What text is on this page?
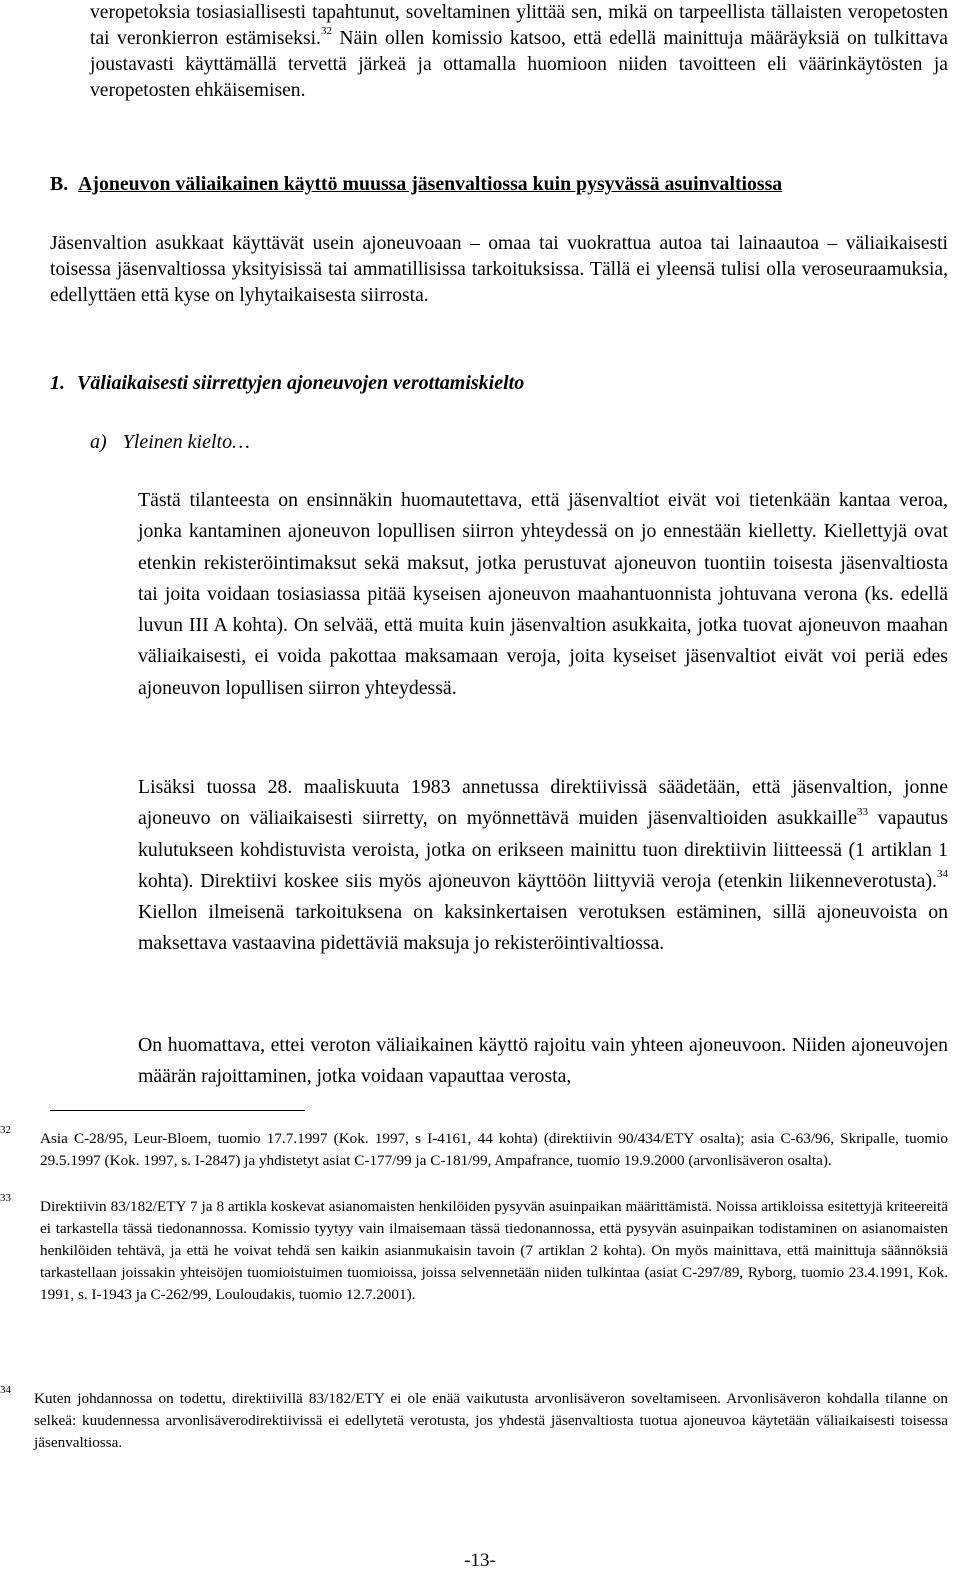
veropetoksia tosiasiallisesti tapahtunut, soveltaminen ylittää sen, mikä on tarpeellista tällaisten veropetosten tai veronkierron estämiseksi.$^{32}$ Näin ollen komissio katsoo, että edellä mainittuja määräyksiä on tulkittava joustavasti käyttämällä tervettä järkeä ja ottamalla huomioon niiden tavoitteen eli väärinkäytösten ja veropetosten ehkäisemisen.

B. Ajoneuvon väliaikainen käyttö muussa jäsenvaltiossa kuin pysyvässä asuinvaltiossa

Jäsenvaltion asukkaat käyttävät usein ajoneuvoaan – omaa tai vuokrattua autoa tai lainaautoa – väliaikaisesti toisessa jäsenvaltiossa yksityisissä tai ammatillisissa tarkoituksissa. Tällä ei yleensä tulisi olla veroseuraamuksia, edellyttäen että kyse on lyhytaikaisesta siirrosta.

1. Väliaikaisesti siirrettyjen ajoneuvojen verottamiskielto
a) Yleinen kielto…

Tästä tilanteesta on ensinnäkin huomautettava, että jäsenvaltiot eivät voi tietenkään kantaa veroa, jonka kantaminen ajoneuvon lopullisen siirron yhteydessä on jo ennestään kielletty. Kiellettyjä ovat etenkin rekisteröintimaksut sekä maksut, jotka perustuvat ajoneuvon tuontiin toisesta jäsenvaltiosta tai joita voidaan tosiasiassa pitää kyseisen ajoneuvon maahantuonnista johtuvana verona (ks. edellä luvun III A kohta). On selvää, että muita kuin jäsenvaltion asukkaita, jotka tuovat ajoneuvon maahan väliaikaisesti, ei voida pakottaa maksamaan veroja, joita kyseiset jäsenvaltiot eivät voi periä edes ajoneuvon lopullisen siirron yhteydessä.

Lisäksi tuossa 28. maaliskuuta 1983 annetussa direktiivissä säädetään, että jäsenvaltion, jonne ajoneuvo on väliaikaisesti siirretty, on myönnettävä muiden jäsenvaltioiden asukkaille$^{33}$ vapautus kulutukseen kohdistuvista veroista, jotka on erikseen mainittu tuon direktiivin liitteessä (1 artiklan 1 kohta). Direktiivi koskee siis myös ajoneuvon käyttöön liittyviä veroja (etenkin liikenneverotusta).$^{34}$ Kiellon ilmeisenä tarkoituksena on kaksinkertaisen verotuksen estäminen, sillä ajoneuvoista on maksettava vastaavina pidettäviä maksuja jo rekisteröintivaltiossa.

On huomattava, ettei veroton väliaikainen käyttö rajoitu vain yhteen ajoneuvoon. Niiden ajoneuvojen määrän rajoittaminen, jotka voidaan vapauttaa verosta,

32 Asia C-28/95, Leur-Bloem, tuomio 17.7.1997 (Kok. 1997, s I-4161, 44 kohta) (direktiivin 90/434/ETY osalta); asia C-63/96, Skripalle, tuomio 29.5.1997 (Kok. 1997, s. I-2847) ja yhdistetyt asiat C-177/99 ja C-181/99, Ampafrance, tuomio 19.9.2000 (arvonlisäveron osalta).
33 Direktiivin 83/182/ETY 7 ja 8 artikla koskevat asianomaisten henkilöiden pysyvän asuinpaikan määrittämistä. Noissa artikloissa esitettyjä kriteereitä ei tarkastella tässä tiedonannossa. Komissio tyytyy vain ilmaisemaan tässä tiedonannossa, että pysyvän asuinpaikan todistaminen on asianomaisten henkilöiden tehtävä, ja että he voivat tehdä sen kaikin asianmukaisin tavoin (7 artiklan 2 kohta). On myös mainittava, että mainittuja säännöksiä tarkastellaan joissakin yhteisöjen tuomioistuimen tuomioissa, joissa selvennetään niiden tulkintaa (asiat C-297/89, Ryborg, tuomio 23.4.1991, Kok. 1991, s. I-1943 ja C-262/99, Louloudakis, tuomio 12.7.2001).
34 Kuten johdannossa on todettu, direktiivillä 83/182/ETY ei ole enää vaikutusta arvonlisäveron soveltamiseen. Arvonlisäveron kohdalla tilanne on selkeä: kuudennessa arvonlisäverodirektiivissä ei edellytetä verotusta, jos yhdestä jäsenvaltiosta tuotua ajoneuvoa käytetään väliaikaisesti toisessa jäsenvaltiossa.
-13-
